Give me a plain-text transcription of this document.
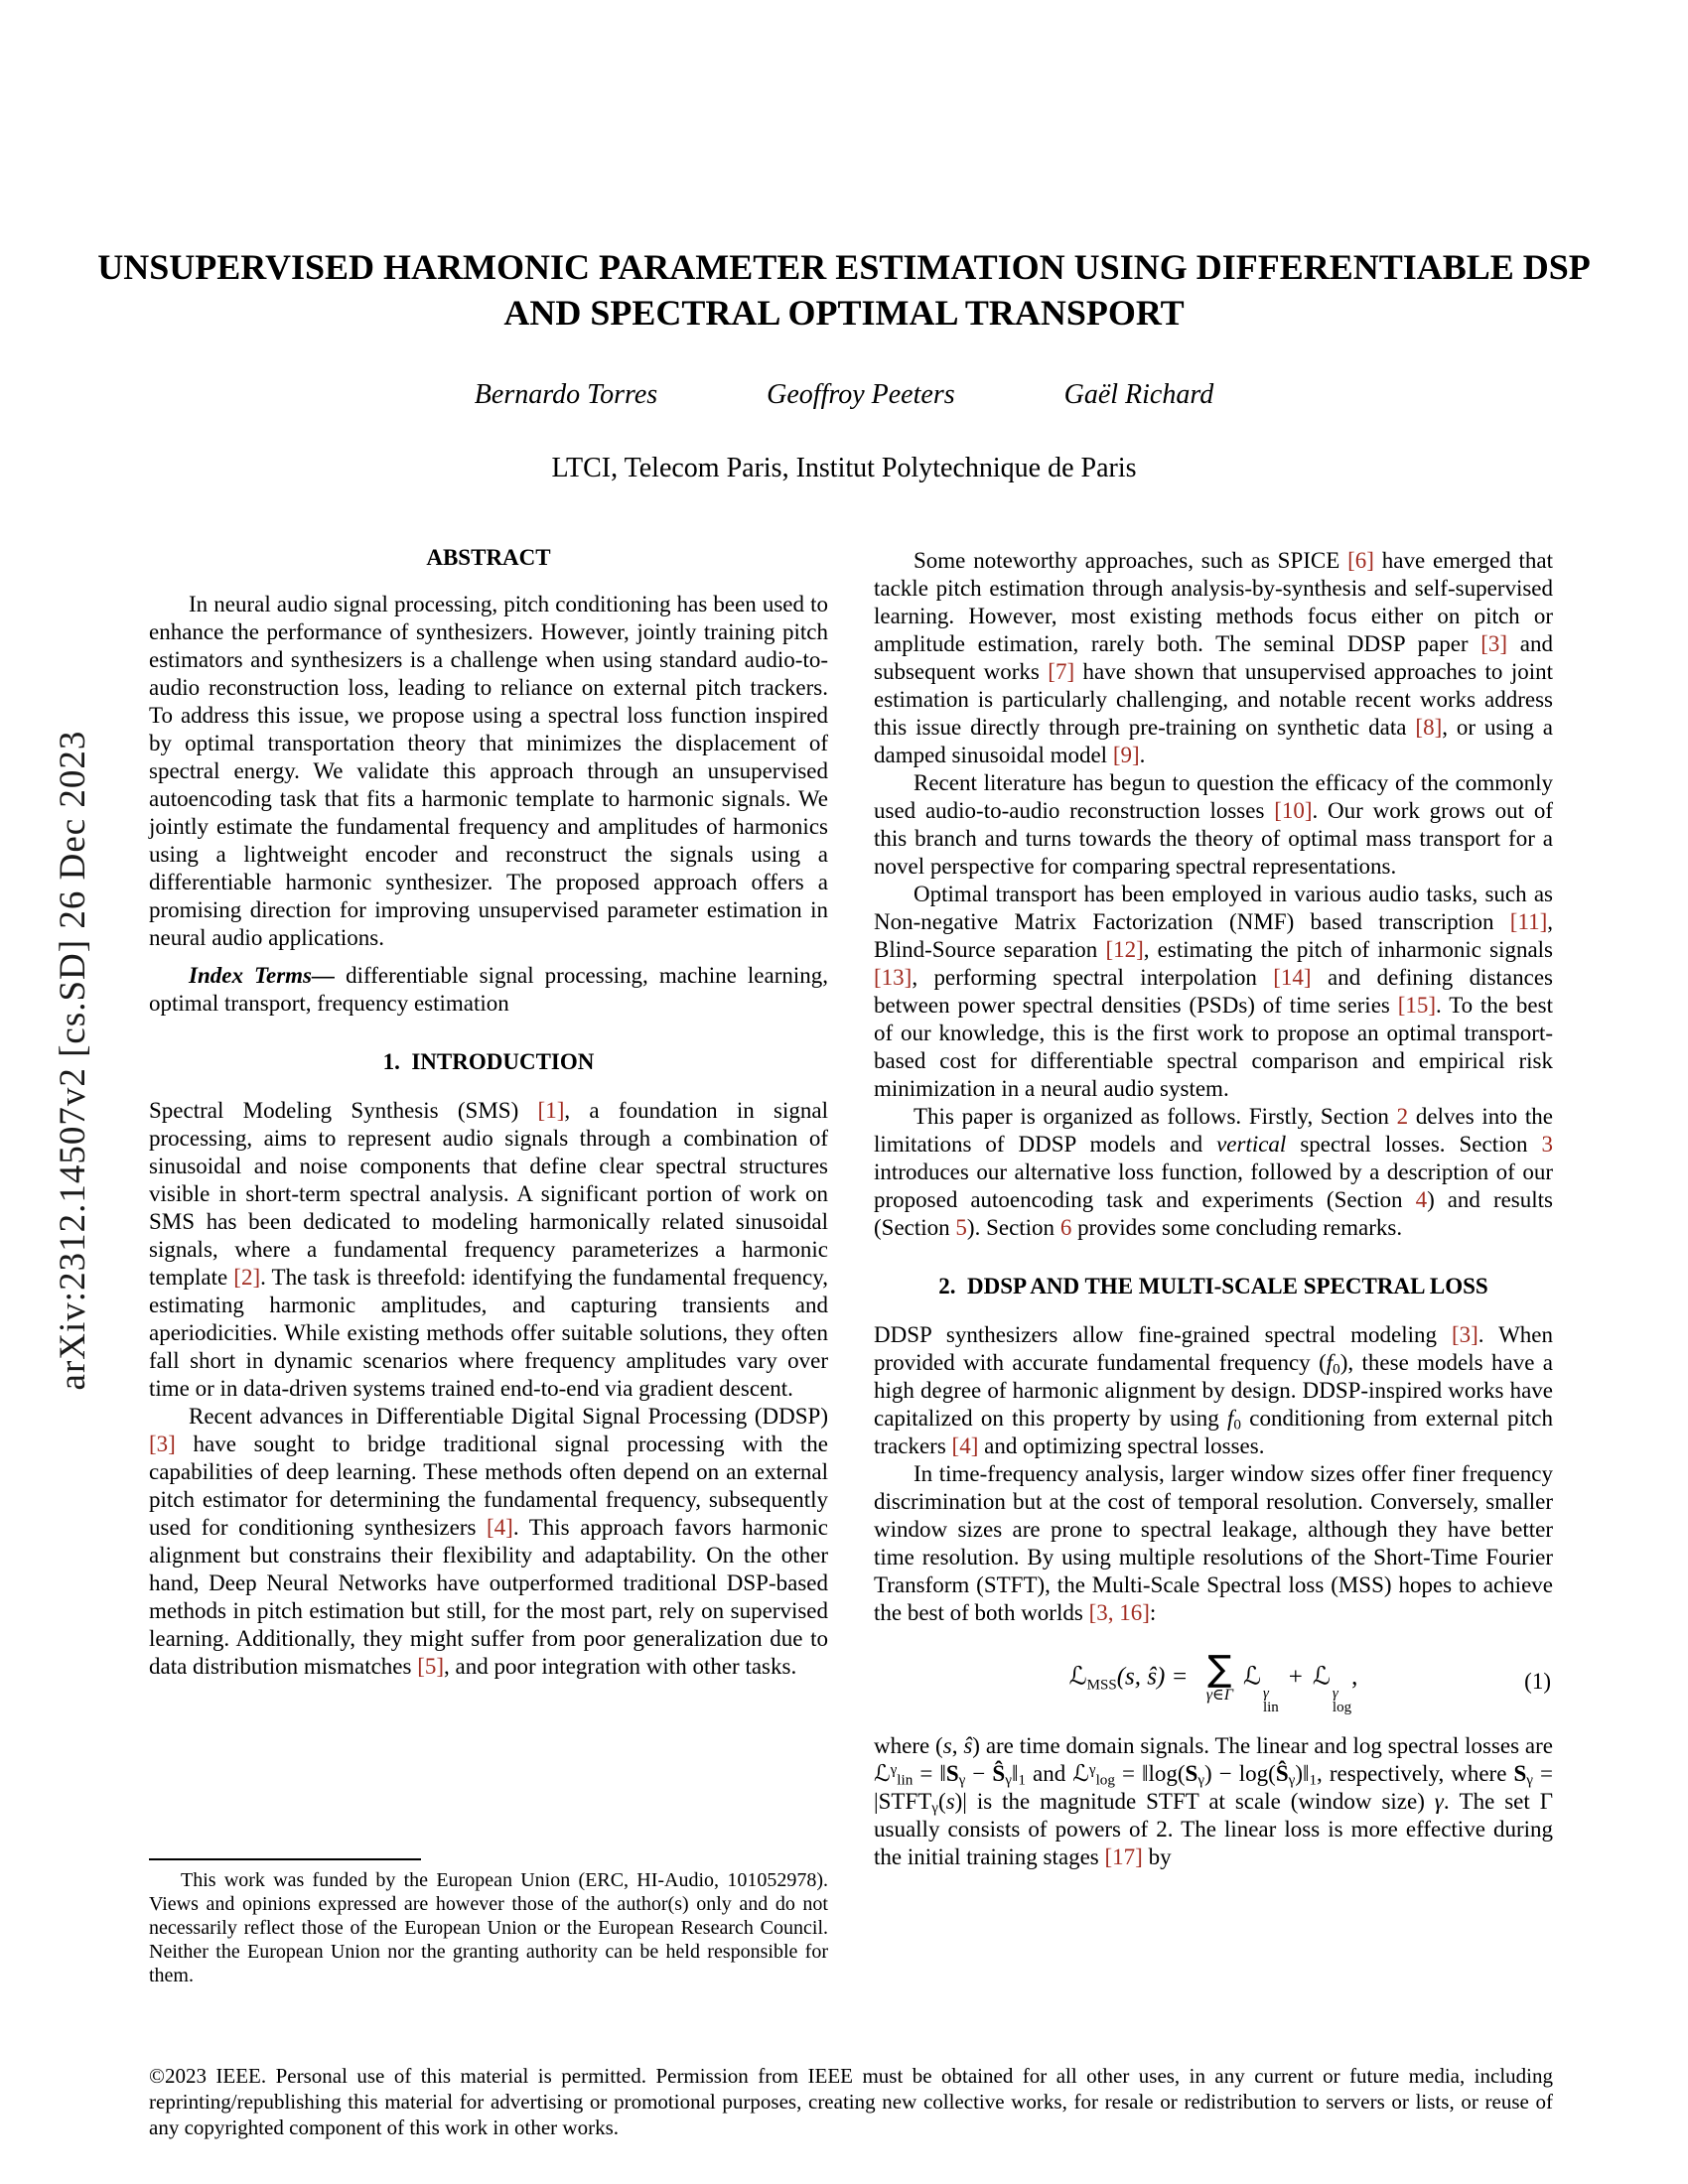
arXiv:2312.14507v2 [cs.SD] 26 Dec 2023
UNSUPERVISED HARMONIC PARAMETER ESTIMATION USING DIFFERENTIABLE DSP
AND SPECTRAL OPTIMAL TRANSPORT
Bernardo Torres	Geoffroy Peeters	Gaël Richard
LTCI, Telecom Paris, Institut Polytechnique de Paris
ABSTRACT

In neural audio signal processing, pitch conditioning has been used to enhance the performance of synthesizers. However, jointly training pitch estimators and synthesizers is a challenge when using standard audio-to-audio reconstruction loss, leading to reliance on external pitch trackers. To address this issue, we propose using a spectral loss function inspired by optimal transportation theory that minimizes the displacement of spectral energy. We validate this approach through an unsupervised autoencoding task that fits a harmonic template to harmonic signals. We jointly estimate the fundamental frequency and amplitudes of harmonics using a lightweight encoder and reconstruct the signals using a differentiable harmonic synthesizer. The proposed approach offers a promising direction for improving unsupervised parameter estimation in neural audio applications.

Index Terms— differentiable signal processing, machine learning, optimal transport, frequency estimation

1.  INTRODUCTION

Spectral Modeling Synthesis (SMS) [1], a foundation in signal processing, aims to represent audio signals through a combination of sinusoidal and noise components that define clear spectral structures visible in short-term spectral analysis. A significant portion of work on SMS has been dedicated to modeling harmonically related sinusoidal signals, where a fundamental frequency parameterizes a harmonic template [2]. The task is threefold: identifying the fundamental frequency, estimating harmonic amplitudes, and capturing transients and aperiodicities. While existing methods offer suitable solutions, they often fall short in dynamic scenarios where frequency amplitudes vary over time or in data-driven systems trained end-to-end via gradient descent.

Recent advances in Differentiable Digital Signal Processing (DDSP) [3] have sought to bridge traditional signal processing with the capabilities of deep learning. These methods often depend on an external pitch estimator for determining the fundamental frequency, subsequently used for conditioning synthesizers [4]. This approach favors harmonic alignment but constrains their flexibility and adaptability. On the other hand, Deep Neural Networks have outperformed traditional DSP-based methods in pitch estimation but still, for the most part, rely on supervised learning. Additionally, they might suffer from poor generalization due to data distribution mismatches [5], and poor integration with other tasks.

Some noteworthy approaches, such as SPICE [6] have emerged that tackle pitch estimation through analysis-by-synthesis and self-supervised learning. However, most existing methods focus either on pitch or amplitude estimation, rarely both. The seminal DDSP paper [3] and subsequent works [7] have shown that unsupervised approaches to joint estimation is particularly challenging, and notable recent works address this issue directly through pre-training on synthetic data [8], or using a damped sinusoidal model [9].

Recent literature has begun to question the efficacy of the commonly used audio-to-audio reconstruction losses [10]. Our work grows out of this branch and turns towards the theory of optimal mass transport for a novel perspective for comparing spectral representations.

Optimal transport has been employed in various audio tasks, such as Non-negative Matrix Factorization (NMF) based transcription [11], Blind-Source separation [12], estimating the pitch of inharmonic signals [13], performing spectral interpolation [14] and defining distances between power spectral densities (PSDs) of time series [15]. To the best of our knowledge, this is the first work to propose an optimal transport-based cost for differentiable spectral comparison and empirical risk minimization in a neural audio system.

This paper is organized as follows. Firstly, Section 2 delves into the limitations of DDSP models and vertical spectral losses. Section 3 introduces our alternative loss function, followed by a description of our proposed autoencoding task and experiments (Section 4) and results (Section 5). Section 6 provides some concluding remarks.

2.  DDSP AND THE MULTI-SCALE SPECTRAL LOSS

DDSP synthesizers allow fine-grained spectral modeling [3]. When provided with accurate fundamental frequency $(f_0)$, these models have a high degree of harmonic alignment by design. DDSP-inspired works have capitalized on this property by using $f_0$ conditioning from external pitch trackers [4] and optimizing spectral losses.

In time-frequency analysis, larger window sizes offer finer frequency discrimination but at the cost of temporal resolution. Conversely, smaller window sizes are prone to spectral leakage, although they have better time resolution. By using multiple resolutions of the Short-Time Fourier Transform (STFT), the Multi-Scale Spectral loss (MSS) hopes to achieve the best of both worlds [3, 16]:

ℒ$_{MSS}$(s, ŝ) = ∑
γ∈Γ
ℒ
γ
lin
+ ℒ
γ
log
,	(1)

where (s, ŝ) are time domain signals. The linear and log spectral losses are ℒ$^\gamma_{lin}$ = $‖S_\gamma$ − $Ŝ_\gamma‖_1$ and ℒ$^\gamma_{log}$ = $‖\log(S_\gamma)$ − $\log(Ŝ_\gamma)‖_1$, respectively, where $S_\gamma$ = $|STFT_\gamma(s)|$ is the magnitude STFT at scale (window size) γ. The set Γ usually consists of powers of 2. The linear loss is more effective during the initial training stages [17] by

This work was funded by the European Union (ERC, HI-Audio, 101052978). Views and opinions expressed are however those of the author(s) only and do not necessarily reflect those of the European Union or the European Research Council. Neither the European Union nor the granting authority can be held responsible for them.

©2023 IEEE. Personal use of this material is permitted. Permission from IEEE must be obtained for all other uses, in any current or future media, including reprinting/republishing this material for advertising or promotional purposes, creating new collective works, for resale or redistribution to servers or lists, or reuse of any copyrighted component of this work in other works.
